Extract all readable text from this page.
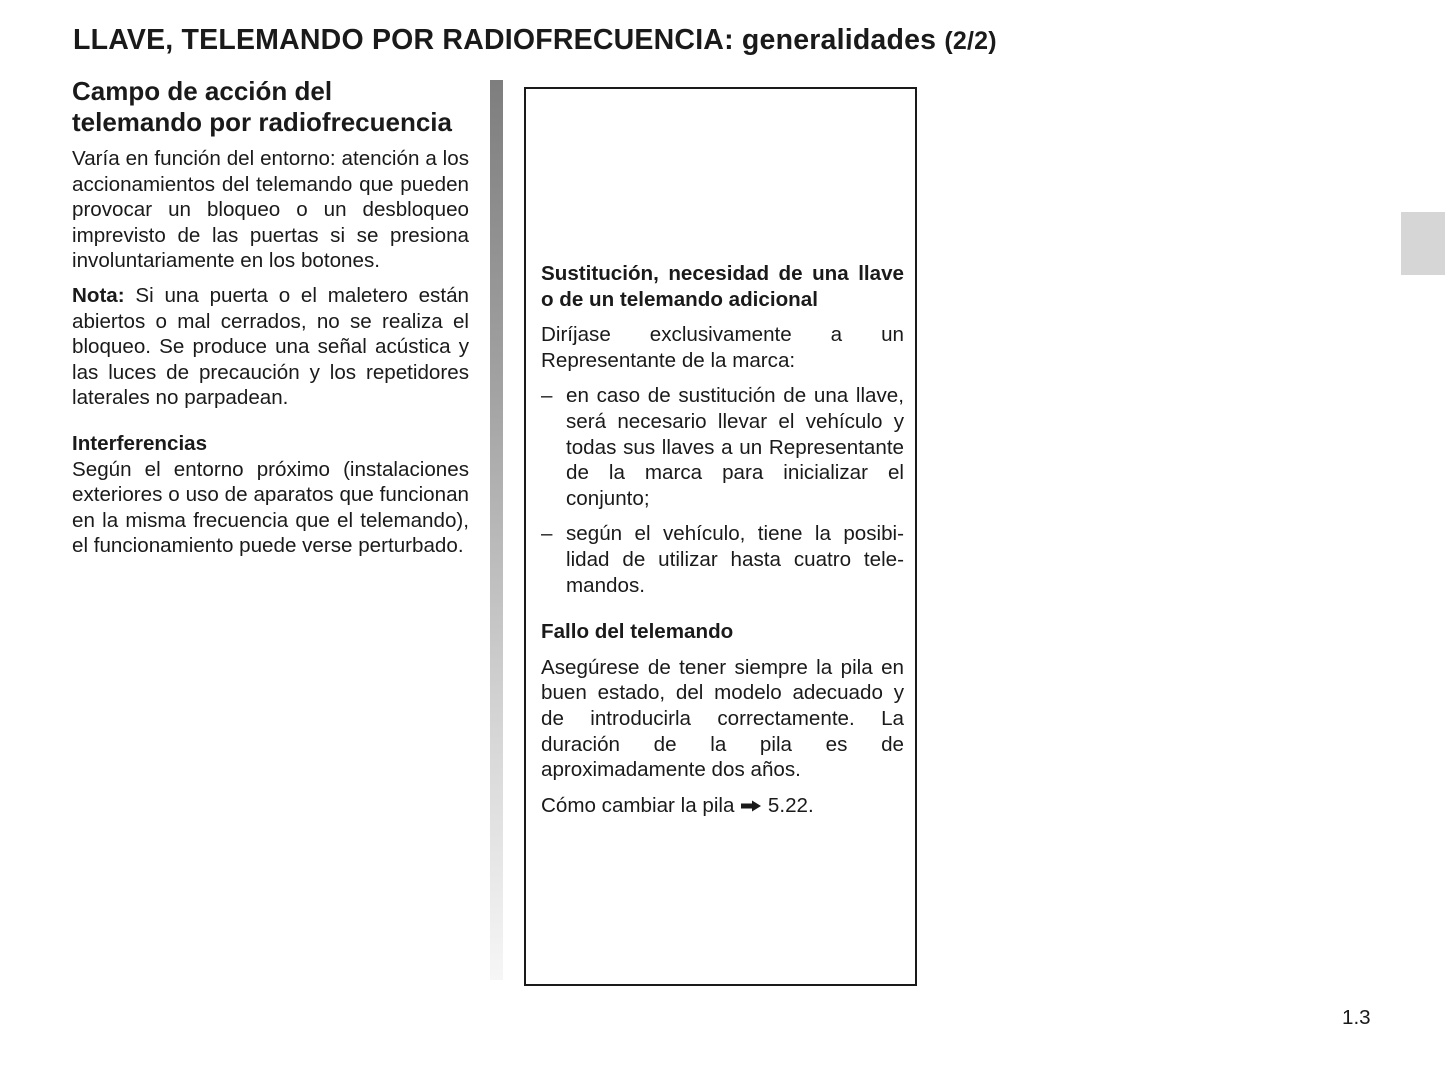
LLAVE, TELEMANDO POR RADIOFRECUENCIA: generalidades (2/2)
Campo de acción del telemando por radiofrecuencia

Varía en función del entorno: atención a los accionamientos del telemando que pueden provocar un bloqueo o un desbloqueo imprevisto de las puertas si se presiona involuntariamente en los botones.

Nota: Si una puerta o el maletero están abiertos o mal cerrados, no se realiza el bloqueo. Se produce una señal acústica y las luces de precaución y los repetidores laterales no parpadean.

Interferencias

Según el entorno próximo (instalaciones exteriores o uso de aparatos que funcionan en la misma frecuencia que el telemando), el funcionamiento puede verse perturbado.

Sustitución, necesidad de una llave o de un telemando adicional

Diríjase exclusivamente a un Representante de la marca:

– en caso de sustitución de una llave, será necesario llevar el vehículo y todas sus llaves a un Representante de la marca para inicializar el conjunto;
– según el vehículo, tiene la posibilidad de utilizar hasta cuatro telemandos.
Fallo del telemando

Asegúrese de tener siempre la pila en buen estado, del modelo adecuado y de introducirla correctamente. La duración de la pila es de aproximadamente dos años.

Cómo cambiar la pila 5.22.

1.3
